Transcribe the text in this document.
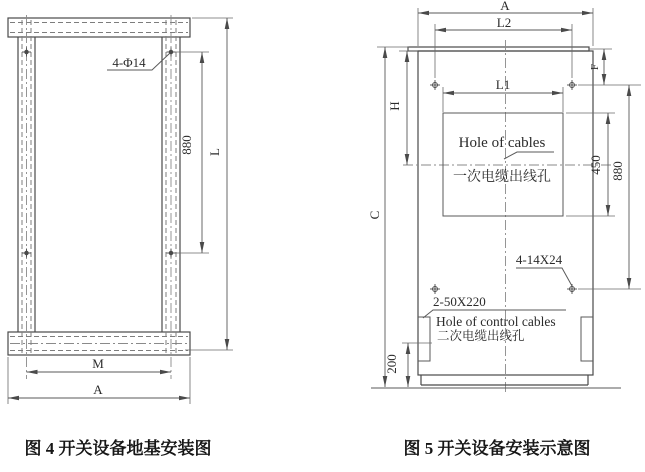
4-Φ14
880 L
M
A
图 4 开关设备地基安装图
Hole of cables
一次电缆出线孔
A
L2
L1
F
H
C
450 880
200
4-14X24
2-50X220
Hole of control cables
二次电缆出线孔
图 5 开关设备安装示意图
